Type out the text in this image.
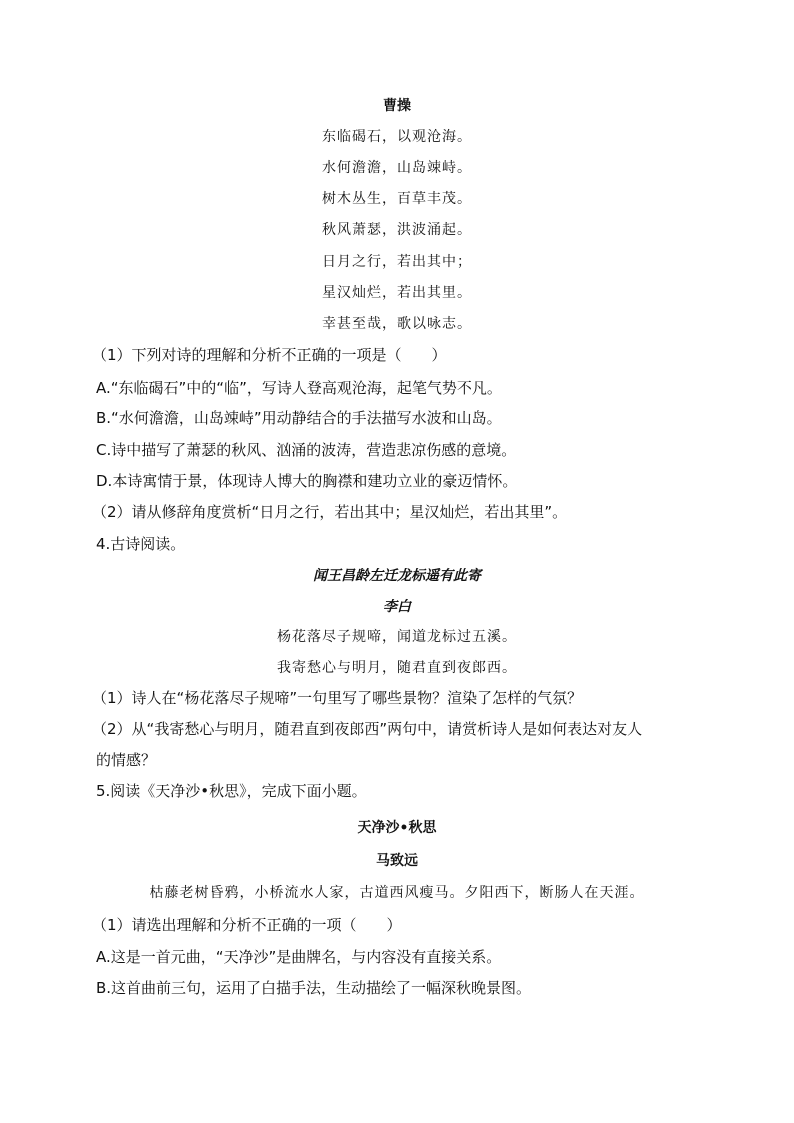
曹操
东临碣石，以观沧海。
水何澹澹，山岛竦峙。
树木丛生，百草丰茂。
秋风萧瑟，洪波涌起。
日月之行，若出其中；
星汉灿烂，若出其里。
幸甚至哉，歌以咏志。
（1）下列对诗的理解和分析不正确的一项是（　　）
A.“东临碣石”中的“临”，写诗人登高观沧海，起笔气势不凡。
B.“水何澹澹，山岛竦峙”用动静结合的手法描写水波和山岛。
C.诗中描写了萧瑟的秋风、汹涌的波涛，营造悲凉伤感的意境。
D.本诗寓情于景，体现诗人博大的胸襟和建功立业的豪迈情怀。
（2）请从修辞角度赏析“日月之行，若出其中；星汉灿烂，若出其里”。
4.古诗阅读。
闻王昌龄左迁龙标遥有此寄
李白
杨花落尽子规啼，闻道龙标过五溪。
我寄愁心与明月，随君直到夜郎西。
（1）诗人在“杨花落尽子规啼”一句里写了哪些景物？渲染了怎样的气氛？
（2）从“我寄愁心与明月，随君直到夜郎西”两句中，请赏析诗人是如何表达对友人
的情感？
5.阅读《天净沙•秋思》，完成下面小题。
天净沙•秋思
马致远
枯藤老树昏鸦，小桥流水人家，古道西风瘦马。夕阳西下，断肠人在天涯。
（1）请选出理解和分析不正确的一项（　　）
A.这是一首元曲，“天净沙”是曲牌名，与内容没有直接关系。
B.这首曲前三句，运用了白描手法，生动描绘了一幅深秋晚景图。
